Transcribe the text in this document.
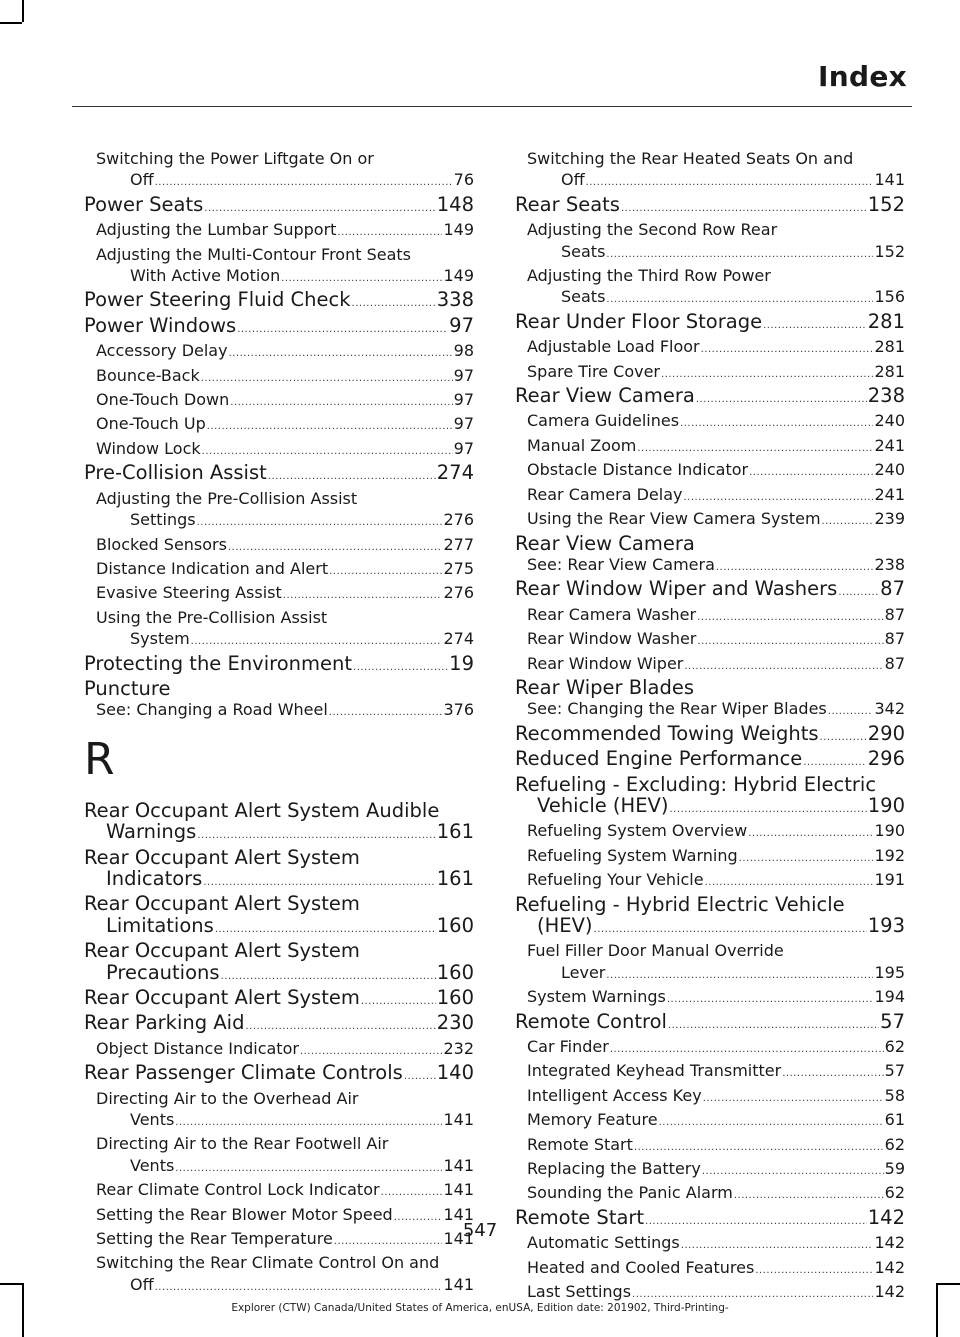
Index
Switching the Power Liftgate On or
Off .....	76
Power Seats .....	148
Adjusting the Lumbar Support .....	149
Adjusting the Multi-Contour Front Seats
With Active Motion .....	149
Power Steering Fluid Check .....	338
Power Windows .....	97
Accessory Delay .....	98
Bounce-Back .....	97
One-Touch Down .....	97
One-Touch Up .....	97
Window Lock .....	97
Pre-Collision Assist .....	274
Adjusting the Pre-Collision Assist
Settings .....	276
Blocked Sensors .....	277
Distance Indication and Alert .....	275
Evasive Steering Assist .....	276
Using the Pre-Collision Assist
System .....	274
Protecting the Environment .....	19
Puncture
See: Changing a Road Wheel .....	376
R
Rear Occupant Alert System Audible
Warnings .....	161
Rear Occupant Alert System
Indicators .....	161
Rear Occupant Alert System
Limitations .....	160
Rear Occupant Alert System
Precautions .....	160
Rear Occupant Alert System .....	160
Rear Parking Aid .....	230
Object Distance Indicator .....	232
Rear Passenger Climate Controls ..... 140
Directing Air to the Overhead Air
Vents .....	141
Directing Air to the Rear Footwell Air
Vents .....	141
Rear Climate Control Lock Indicator .....	141
Setting the Rear Blower Motor Speed .....	141
Setting the Rear Temperature .....	141
Switching the Rear Climate Control On and
Off .....	141
Switching the Rear Heated Seats On and
Off .....	141
Rear Seats .....	152
Adjusting the Second Row Rear
Seats .....	152
Adjusting the Third Row Power
Seats .....	156
Rear Under Floor Storage .....	281
Adjustable Load Floor .....	281
Spare Tire Cover .....	281
Rear View Camera .....	238
Camera Guidelines .....	240
Manual Zoom .....	241
Obstacle Distance Indicator .....	240
Rear Camera Delay .....	241
Using the Rear View Camera System .....	239
Rear View Camera
See: Rear View Camera .....	238
Rear Window Wiper and Washers ..... 87
Rear Camera Washer .....	87
Rear Window Washer .....	87
Rear Window Wiper .....	87
Rear Wiper Blades
See: Changing the Rear Wiper Blades .....	342
Recommended Towing Weights .....	290
Reduced Engine Performance .....	296
Refueling - Excluding: Hybrid Electric
Vehicle (HEV) .....	190
Refueling System Overview .....	190
Refueling System Warning .....	192
Refueling Your Vehicle .....	191
Refueling - Hybrid Electric Vehicle
(HEV) .....	193
Fuel Filler Door Manual Override
Lever .....	195
System Warnings .....	194
Remote Control .....	57
Car Finder .....	62
Integrated Keyhead Transmitter .....	57
Intelligent Access Key .....	58
Memory Feature .....	61
Remote Start .....	62
Replacing the Battery .....	59
Sounding the Panic Alarm .....	62
Remote Start .....	142
Automatic Settings .....	142
Heated and Cooled Features .....	142
Last Settings .....	142
547
Explorer (CTW) Canada/United States of America, enUSA, Edition date: 201902, Third-Printing-
